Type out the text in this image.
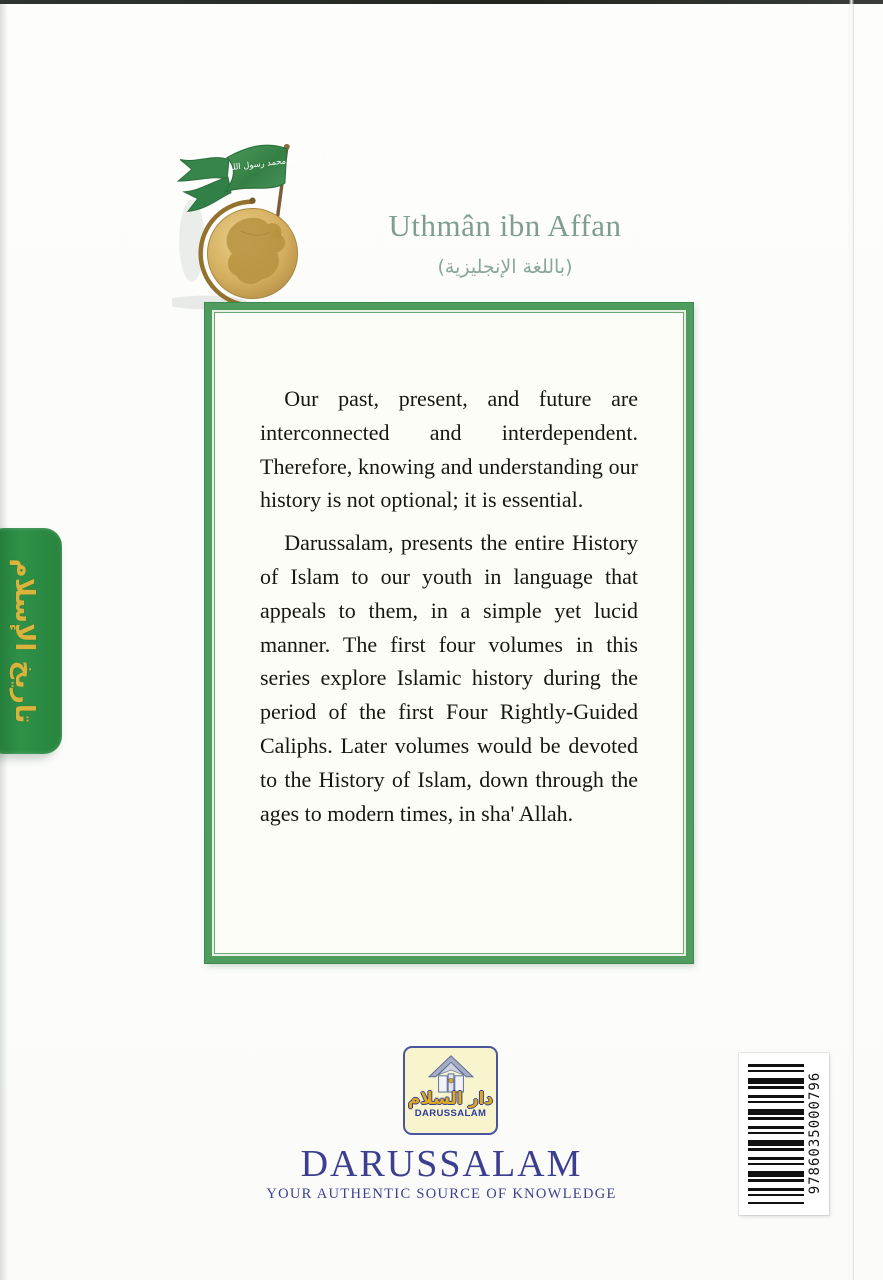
لا إله إلا الله محمد رسول الله
Uthmân ibn Affan
(باللغة الإنجليزية)

Our past, present, and future are interconnected and interdependent. Therefore, knowing and understanding our history is not optional; it is essential.

Darussalam, presents the entire History of Islam to our youth in language that appeals to them, in a simple yet lucid manner. The first four volumes in this series explore Islamic history during the period of the first Four Rightly-Guided Caliphs. Later volumes would be devoted to the History of Islam, down through the ages to modern times, in sha' Allah.

تاريخ الإسلام
دار السلام
DARUSSALAM
DARUSSALAM
YOUR AUTHENTIC SOURCE OF KNOWLEDGE	9786035000796
